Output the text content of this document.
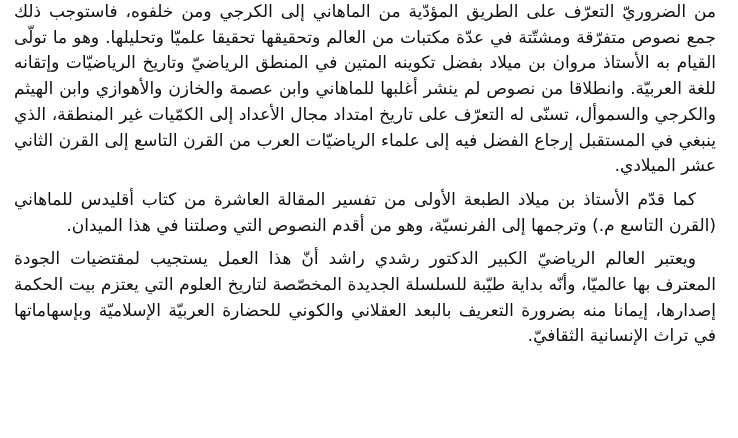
من الضروريّ التعرّف على الطريق المؤدّية من الماهاني إلى الكرجي ومن خلفوه، فاستوجب ذلك جمع نصوص متفرّقة ومشتّتة في عدّة مكتبات من العالم وتحقيقها تحقيقا علميّا وتحليلها. وهو ما تولّى القيام به الأستاذ مروان بن ميلاد بفضل تكوينه المتين في المنطق الرياضيّ وتاريخ الرياضيّات وإتقانه للغة العربيّة. وانطلاقا من نصوص لم ينشر أغلبها للماهاني وابن عصمة والخازن والأهوازي وابن الهيثم والكرجي والسموأل، تسنّى له التعرّف على تاريخ امتداد مجال الأعداد إلى الكمّيات غير المنطقة، الذي ينبغي في المستقبل إرجاع الفضل فيه إلى علماء الرياضيّات العرب من القرن التاسع إلى القرن الثاني عشر الميلادي.

كما قدّم الأستاذ بن ميلاد الطبعة الأولى من تفسير المقالة العاشرة من كتاب أقليدس للماهاني (القرن التاسع م.) وترجمها إلى الفرنسيّة، وهو من أقدم النصوص التي وصلتنا في هذا الميدان.

ويعتبر العالم الرياضيّ الكبير الدكتور رشدي راشد أنّ هذا العمل يستجيب لمقتضيات الجودة المعترف بها عالميّا، وأنّه بداية طيّبة للسلسلة الجديدة المخصّصة لتاريخ العلوم التي يعتزم بيت الحكمة إصدارها، إيمانا منه بضرورة التعريف بالبعد العقلاني والكوني للحضارة العربيّة الإسلاميّة وبإسهاماتها في تراث الإنسانية الثقافيّ.
